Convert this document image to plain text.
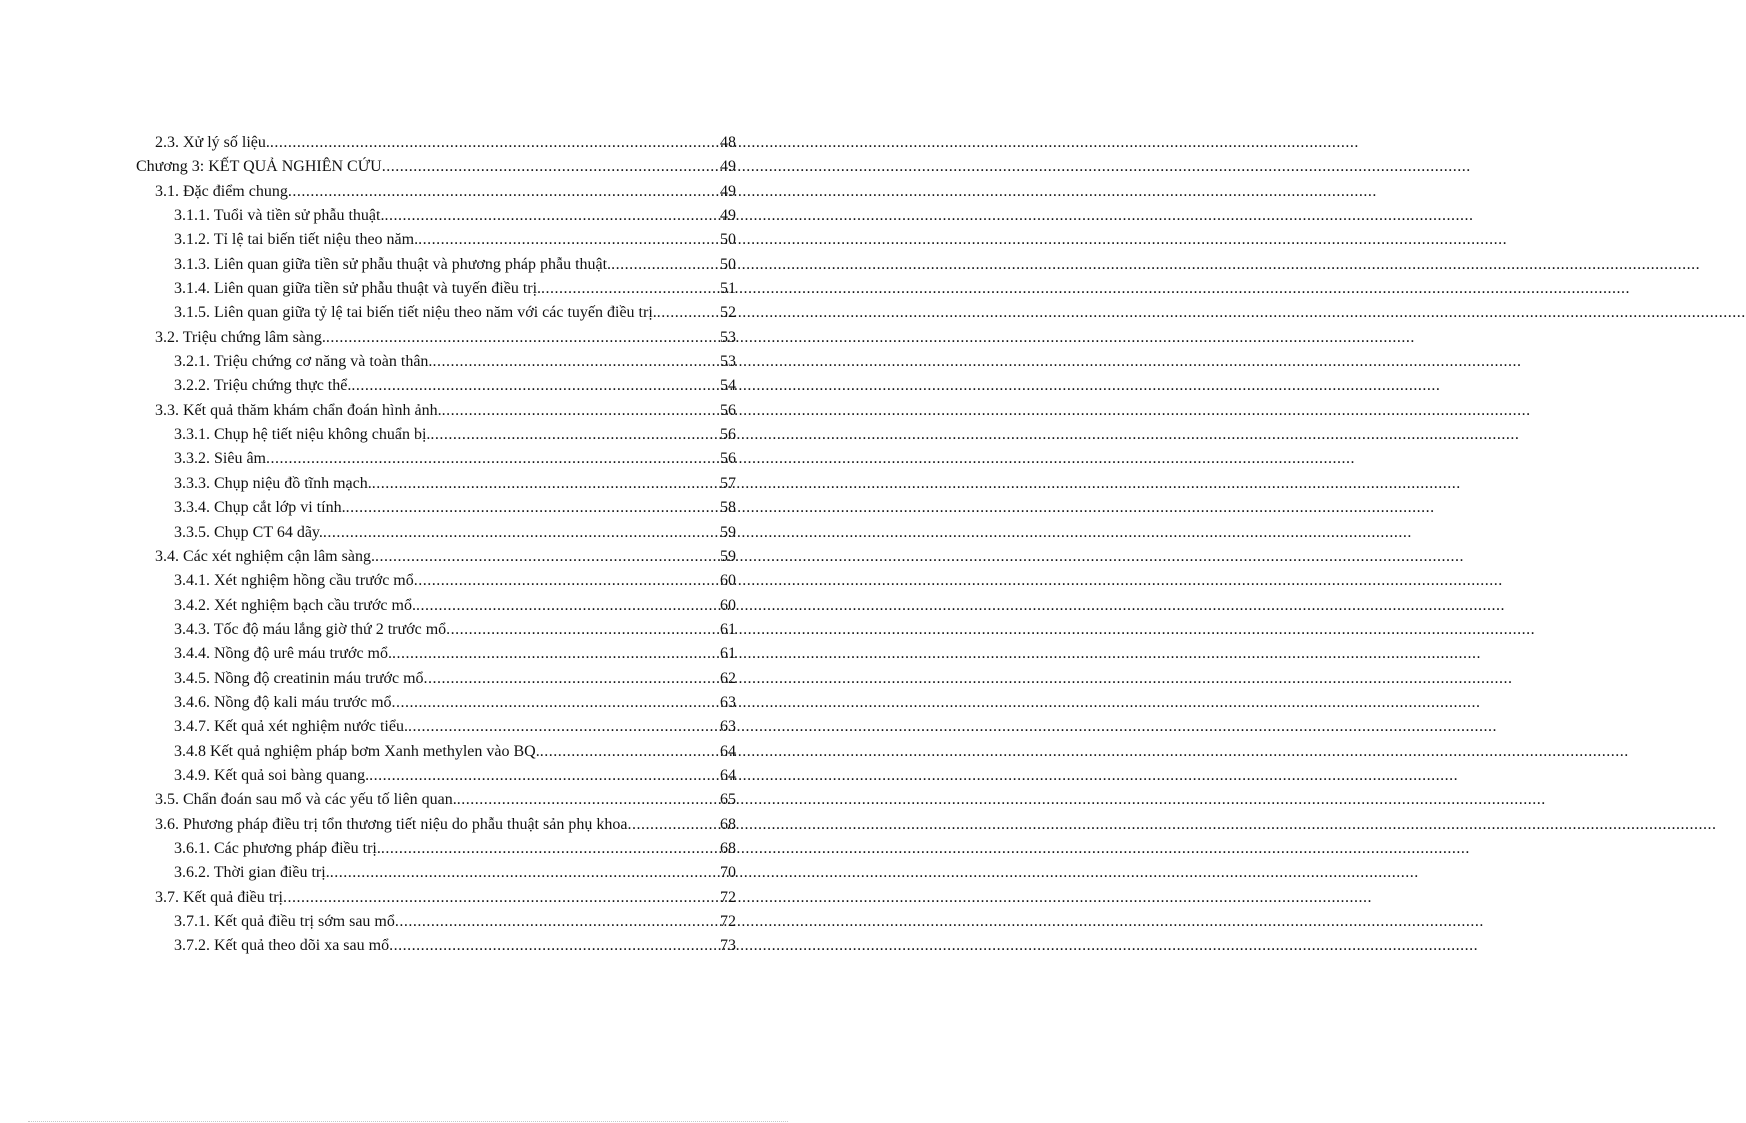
2.3. Xử lý số liệu. .....	48
Chương 3: KẾT QUẢ NGHIÊN CỨU .....	49
3.1. Đặc điểm chung .....	49
3.1.1. Tuổi và tiền sử phẫu thuật. .....	49
3.1.2. Tỉ lệ tai biến tiết niệu theo năm. .....	50
3.1.3. Liên quan giữa tiền sử phẫu thuật và phương pháp phẫu thuật. .....	50
3.1.4. Liên quan giữa tiền sử phẫu thuật và tuyến điều trị. .....	51
3.1.5. Liên quan giữa tỷ lệ tai biến tiết niệu theo năm với các tuyến điều trị. .....	52
3.2. Triệu chứng lâm sàng. .....	53
3.2.1. Triệu chứng cơ năng và toàn thân. .....	53
3.2.2. Triệu chứng thực thể. .....	54
3.3. Kết quả thăm khám chẩn đoán hình ảnh. .....	56
3.3.1. Chụp hệ tiết niệu không chuẩn bị. .....	56
3.3.2. Siêu âm .....	56
3.3.3. Chụp niệu đồ tĩnh mạch. .....	57
3.3.4. Chụp cắt lớp vi tính. .....	58
3.3.5. Chụp CT 64 dãy. .....	59
3.4. Các xét nghiệm cận lâm sàng. .....	59
3.4.1. Xét nghiệm hồng cầu trước mổ .....	60
3.4.2. Xét nghiệm bạch cầu trước mổ. .....	60
3.4.3. Tốc độ máu lắng giờ thứ 2 trước mổ .....	61
3.4.4. Nồng độ urê máu trước mổ. .....	61
3.4.5. Nồng độ creatinin máu trước mổ .....	62
3.4.6. Nồng độ kali máu trước mổ .....	63
3.4.7. Kết quả xét nghiệm nước tiểu. .....	63
3.4.8 Kết quả nghiệm pháp bơm Xanh methylen vào BQ. .....	64
3.4.9. Kết quả soi bàng quang. .....	64
3.5. Chẩn đoán sau mổ và các yếu tố liên quan. .....	65
3.6. Phương pháp điều trị tổn thương tiết niệu do phẫu thuật sản phụ khoa .....	68
3.6.1. Các phương pháp điều trị. .....	68
3.6.2. Thời gian điều trị. .....	70
3.7. Kết quả điều trị .....	72
3.7.1. Kết quả điều trị sớm sau mổ .....	72
3.7.2. Kết quả theo dõi xa sau mổ .....	73
